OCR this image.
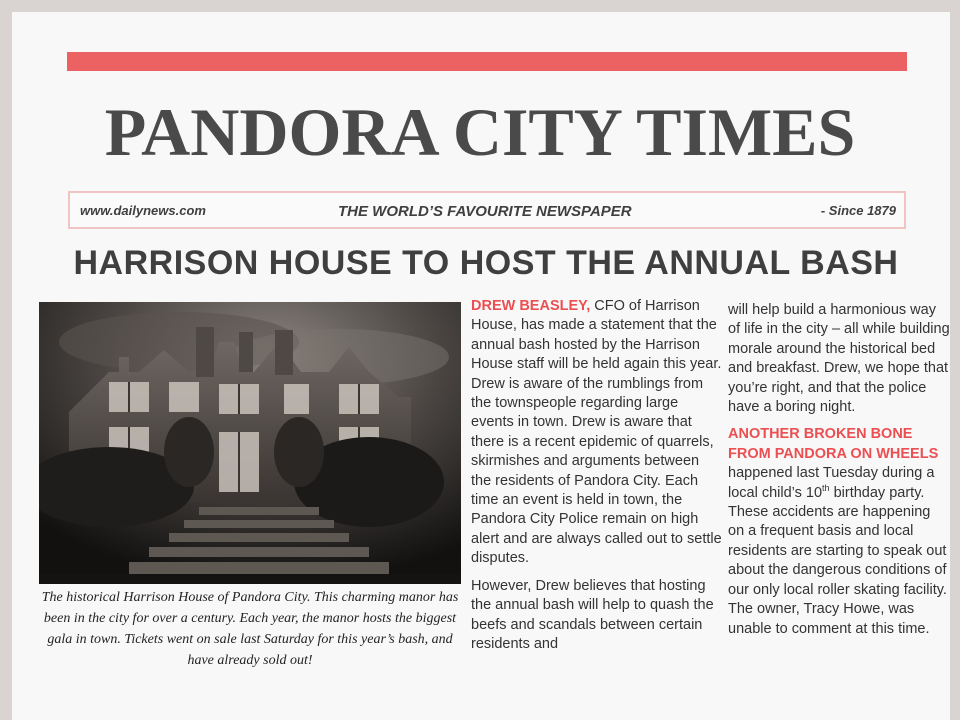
PANDORA CITY TIMES
www.dailynews.com	THE WORLD’S FAVOURITE NEWSPAPER	- Since 1879
HARRISON HOUSE TO HOST THE ANNUAL BASH
The historical Harrison House of Pandora City. This charming manor has been in the city for over a century. Each year, the manor hosts the biggest gala in town. Tickets went on sale last Saturday for this year’s bash, and have already sold out!

DREW BEASLEY, CFO of Harrison House, has made a statement that the annual bash hosted by the Harrison House staff will be held again this year. Drew is aware of the rumblings from the townspeople regarding large events in town. Drew is aware that there is a recent epidemic of quarrels, skirmishes and arguments between the residents of Pandora City. Each time an event is held in town, the Pandora City Police remain on high alert and are always called out to settle disputes.

However, Drew believes that hosting the annual bash will help to quash the beefs and scandals between certain residents and

will help build a harmonious way of life in the city – all while building morale around the historical bed and breakfast. Drew, we hope that you’re right, and that the police have a boring night.

ANOTHER BROKEN BONE FROM PANDORA ON WHEELS happened last Tuesday during a local child’s 10th birthday party. These accidents are happening on a frequent basis and local residents are starting to speak out about the dangerous conditions of our only local roller skating facility. The owner, Tracy Howe, was unable to comment at this time.
